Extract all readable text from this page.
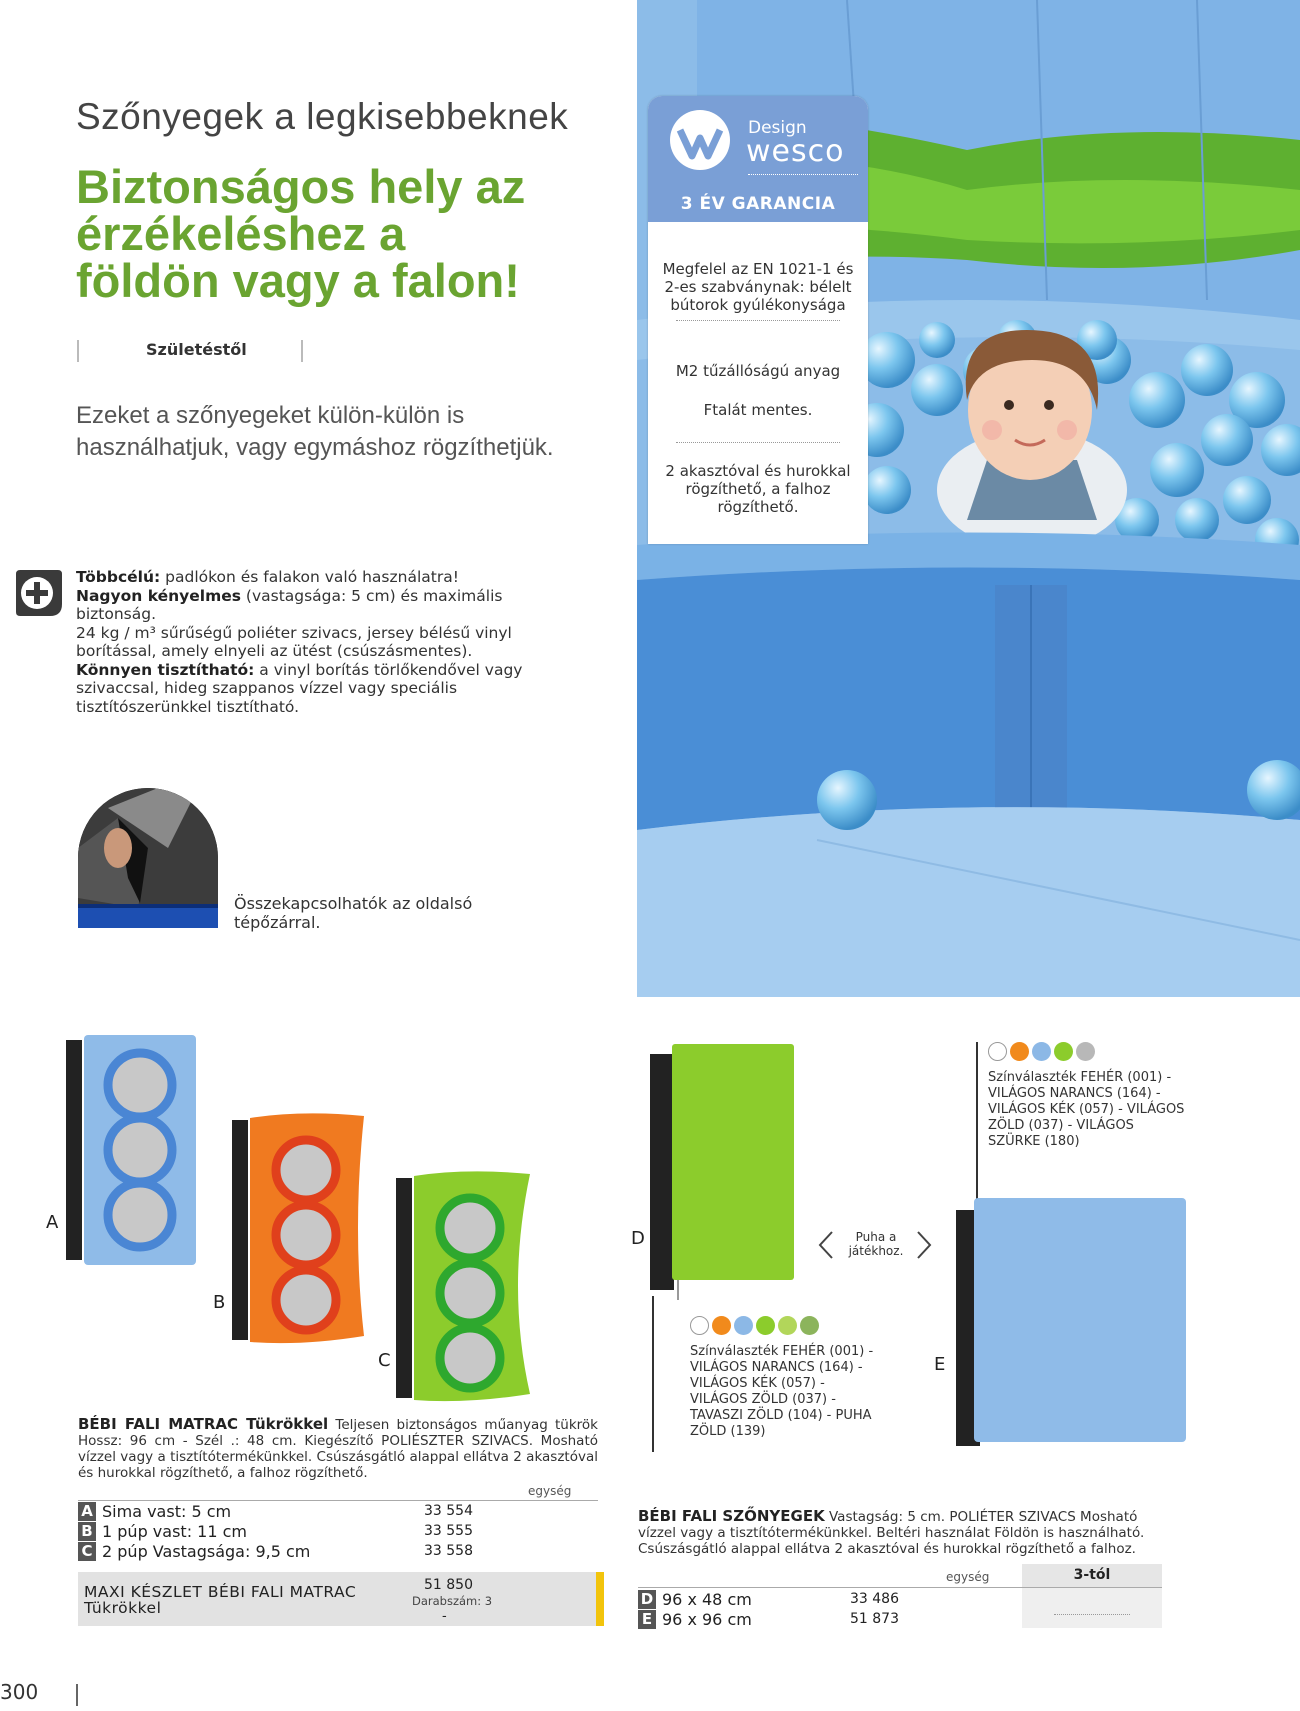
Szőnyegek a legkisebbeknek
Biztonságos hely az
érzékeléshez a
földön vagy a falon!
Születéstől
Ezeket a szőnyegeket külön-külön is
használhatjuk, vagy egymáshoz rögzíthetjük.

Többcélú: padlókon és falakon való használatra!

Nagyon kényelmes (vastagsága: 5 cm) és maximális biztonság.

24 kg / m³ sűrűségű poliéter szivacs, jersey bélésű vinyl borítással, amely elnyeli az ütést (csúszásmentes).

Könnyen tisztítható: a vinyl borítás törlőkendővel vagy szivaccsal, hideg szappanos vízzel vagy speciális tisztítószerünkkel tisztítható.

Összekapcsolhatók az oldalsó tépőzárral.
Design
wesco
3 ÉV GARANCIA
Megfelel az EN 1021-1 és 2-es szabványnak: bélelt bútorok gyúlékonysága
M2 tűzállóságú anyag
Ftalát mentes.
2 akasztóval és hurokkal rögzíthető, a falhoz rögzíthető.
A
B
C
BÉBI FALI MATRAC Tükrökkel Teljesen biztonságos műanyag tükrök Hossz: 96 cm - Szél .: 48 cm. Kiegészítő POLIÉSZTER SZIVACS. Mosható vízzel vagy a tisztítótermékünkkel. Csúszásgátló alappal ellátva 2 akasztóval és hurokkal rögzíthető, a falhoz rögzíthető.
egység
A Sima vast: 5 cm	33 554
B 1 púp vast: 11 cm	33 555
C 2 púp Vastagsága: 9,5 cm	33 558
MAXI KÉSZLET BÉBI FALI MATRAC Tükrökkel
51 850
Darabszám: 3
-
D
Színválaszték FEHÉR (001) - VILÁGOS NARANCS (164) - VILÁGOS KÉK (057) - VILÁGOS ZÖLD (037) - TAVASZI ZÖLD (104) - PUHA ZÖLD (139)
Puha a játékhoz.
Színválaszték FEHÉR (001) - VILÁGOS NARANCS (164) - VILÁGOS KÉK (057) - VILÁGOS ZÖLD (037) - VILÁGOS SZÜRKE (180)
E
BÉBI FALI SZŐNYEGEK Vastagság: 5 cm. POLIÉTER SZIVACS Mosható vízzel vagy a tisztítótermékünkkel. Beltéri használat Földön is használható. Csúszásgátló alappal ellátva 2 akasztóval és hurokkal rögzíthető a falhoz.
egység	3-tól
D 96 x 48 cm	33 486
E 96 x 96 cm	51 873
300
